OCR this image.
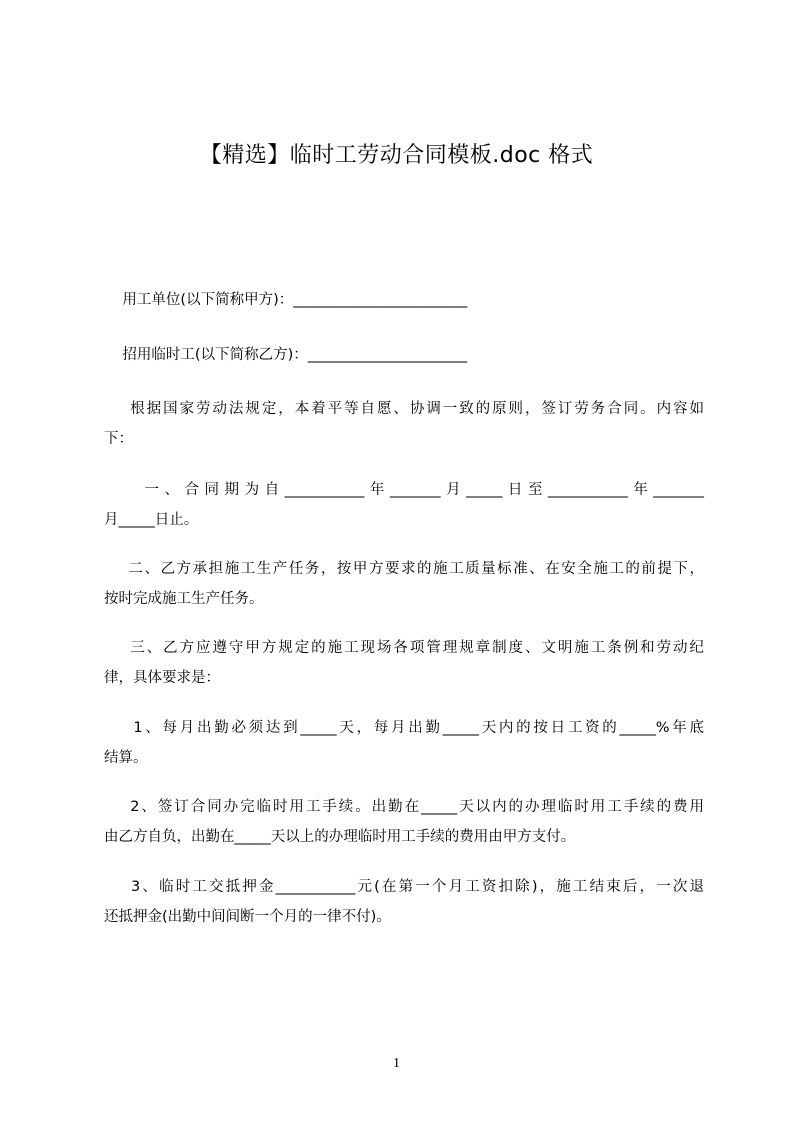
【精选】临时工劳动合同模板.doc 格式
用工单位(以下简称甲方)：________________________
招用临时工(以下简称乙方)：______________________
根据国家劳动法规定，本着平等自愿、协调一致的原则，签订劳务合同。内容如
下：
一、合同期为自___________年_______月_____日至___________年_______
月_____日止。
二、乙方承担施工生产任务，按甲方要求的施工质量标准、在安全施工的前提下，
按时完成施工生产任务。
三、乙方应遵守甲方规定的施工现场各项管理规章制度、文明施工条例和劳动纪
律，具体要求是：
1、每月出勤必须达到_____天，每月出勤_____天内的按日工资的_____%年底
结算。
2、签订合同办完临时用工手续。出勤在_____天以内的办理临时用工手续的费用
由乙方自负，出勤在_____天以上的办理临时用工手续的费用由甲方支付。
3、临时工交抵押金___________元(在第一个月工资扣除)，施工结束后，一次退
还抵押金(出勤中间间断一个月的一律不付)。
1
